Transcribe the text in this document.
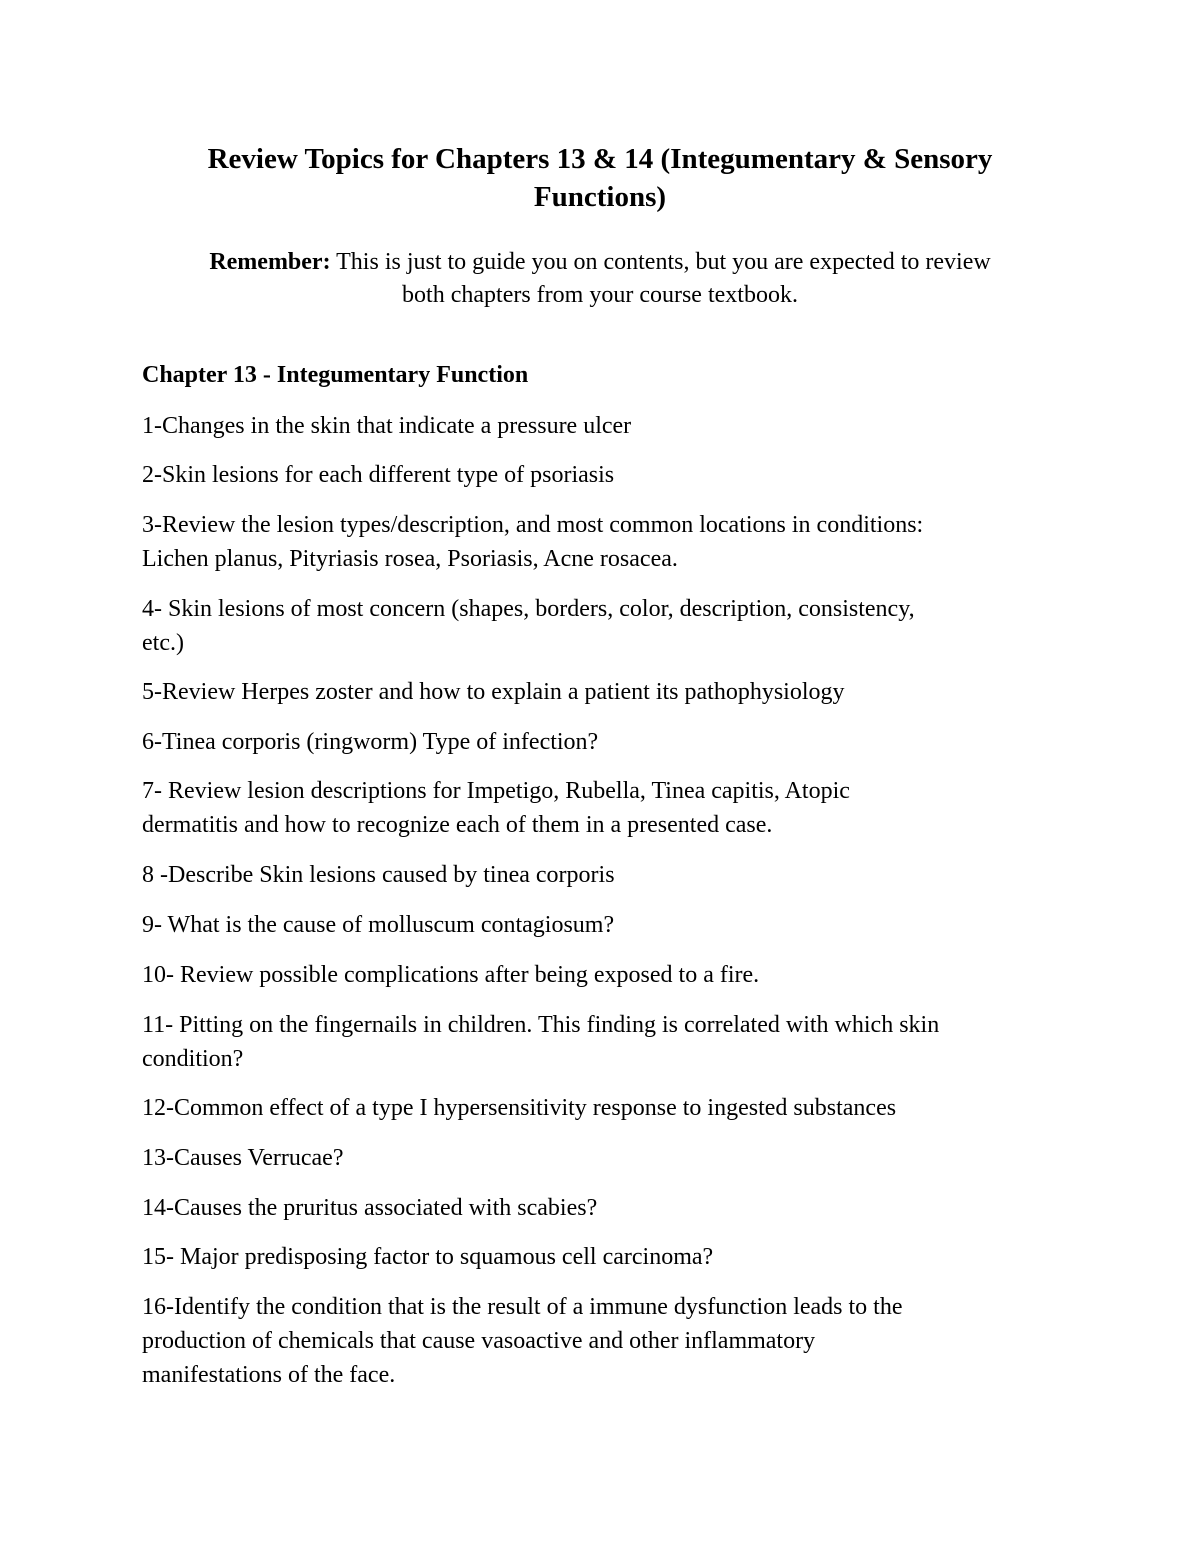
Review Topics for Chapters 13 & 14 (Integumentary & Sensory
Functions)

Remember: This is just to guide you on contents, but you are expected to review
both chapters from your course textbook.

Chapter 13 - Integumentary Function

1-Changes in the skin that indicate a pressure ulcer

2-Skin lesions for each different type of psoriasis

3-Review the lesion types/description, and most common locations in conditions:
Lichen planus, Pityriasis rosea, Psoriasis, Acne rosacea.

4- Skin lesions of most concern (shapes, borders, color, description, consistency,
etc.)

5-Review Herpes zoster and how to explain a patient its pathophysiology

6-Tinea corporis (ringworm) Type of infection?

7- Review lesion descriptions for Impetigo, Rubella, Tinea capitis, Atopic
dermatitis and how to recognize each of them in a presented case.

8 -Describe Skin lesions caused by tinea corporis

9- What is the cause of molluscum contagiosum?

10- Review possible complications after being exposed to a fire.

11- Pitting on the fingernails in children. This finding is correlated with which skin
condition?

12-Common effect of a type I hypersensitivity response to ingested substances

13-Causes Verrucae?

14-Causes the pruritus associated with scabies?

15- Major predisposing factor to squamous cell carcinoma?

16-Identify the condition that is the result of a immune dysfunction leads to the
production of chemicals that cause vasoactive and other inflammatory
manifestations of the face.
